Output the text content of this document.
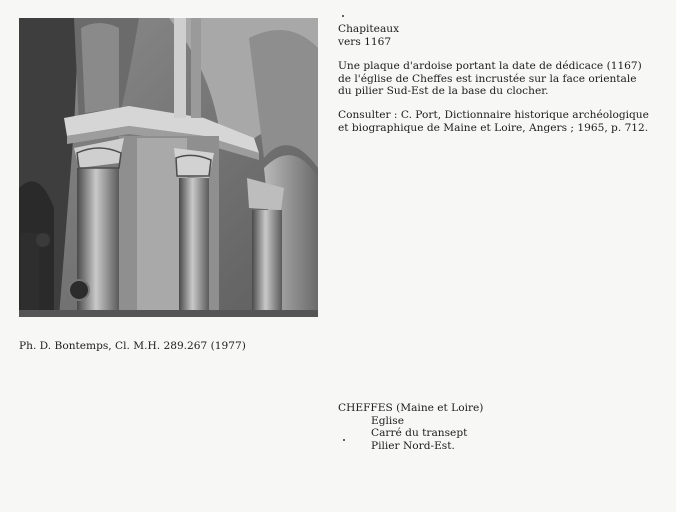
Chapiteaux

vers 1167

Une plaque d'ardoise portant la date de dédicace (1167)

de l'église de Cheffes est incrustée sur la face orientale

du pilier Sud-Est de la base du clocher.

Consulter : C. Port, Dictionnaire historique archéologique

et biographique de Maine et Loire, Angers ; 1965, p. 712.

Ph. D. Bontemps, Cl. M.H. 289.267 (1977)

CHEFFES (Maine et Loire)

Eglise

Carré du transept

Pilier Nord-Est.
